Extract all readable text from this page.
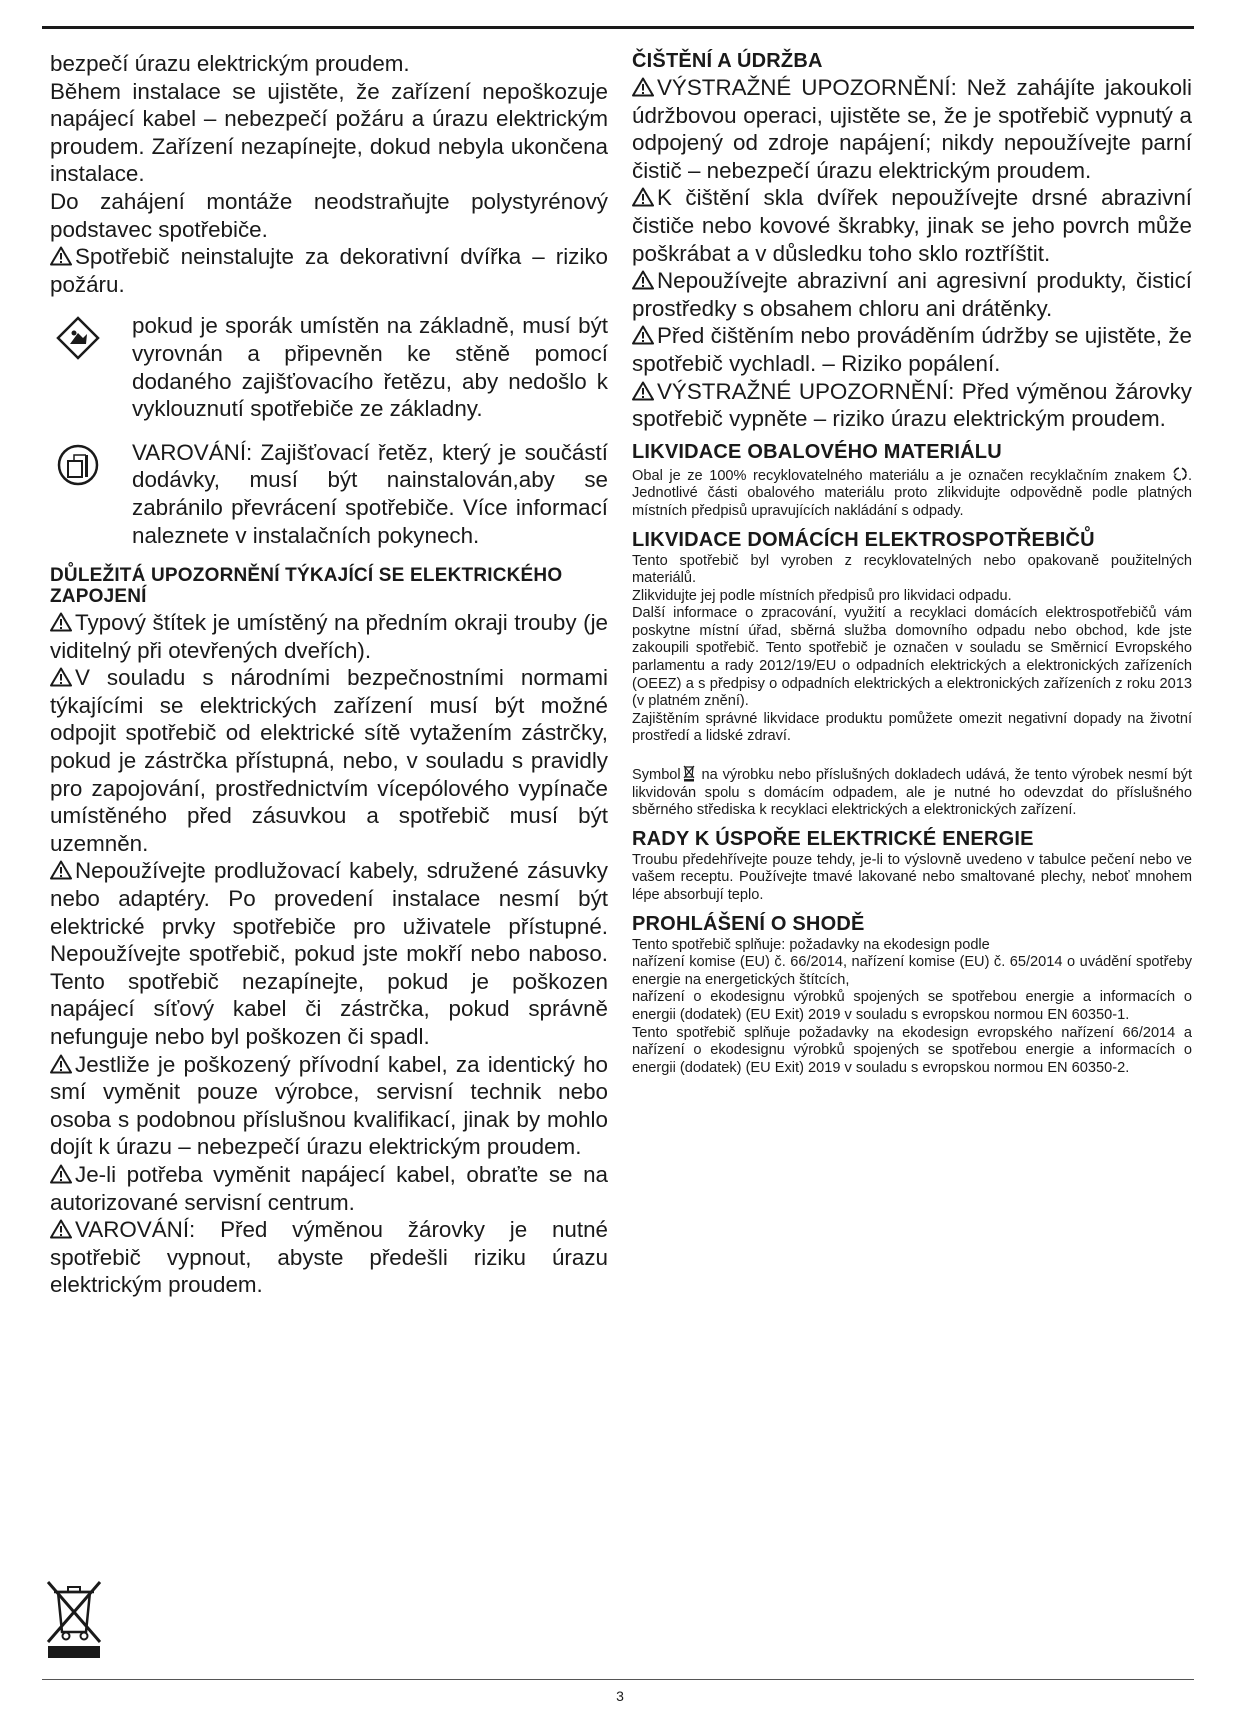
bezpečí úrazu elektrickým proudem.

Během instalace se ujistěte, že zařízení nepoškozuje napájecí kabel – nebezpečí požáru a úrazu elektrickým proudem. Zařízení nezapínejte, dokud nebyla ukončena instalace.

Do zahájení montáže neodstraňujte polystyrénový podstavec spotřebiče.

Spotřebič neinstalujte za dekorativní dvířka – riziko požáru.

pokud je sporák umístěn na základně, musí být vyrovnán a připevněn ke stěně pomocí dodaného zajišťovacího řetězu, aby nedošlo k vyklouznutí spotřebiče ze základny.
VAROVÁNÍ: Zajišťovací řetěz, který je součástí dodávky, musí být nainstalován,aby se zabránilo převrácení spotřebiče. Více informací naleznete v instalačních pokynech.
DŮLEŽITÁ UPOZORNĚNÍ TÝKAJÍCÍ SE ELEKTRICKÉHO ZAPOJENÍ

Typový štítek je umístěný na předním okraji trouby (je viditelný při otevřených dveřích).

V souladu s národními bezpečnostními normami týkajícími se elektrických zařízení musí být možné odpojit spotřebič od elektrické sítě vytažením zástrčky, pokud je zástrčka přístupná, nebo, v souladu s pravidly pro zapojování, prostřednictvím vícepólového vypínače umístěného před zásuvkou a spotřebič musí být uzemněn.

Nepoužívejte prodlužovací kabely, sdružené zásuvky nebo adaptéry. Po provedení instalace nesmí být elektrické prvky spotřebiče pro uživatele přístupné. Nepoužívejte spotřebič, pokud jste mokří nebo naboso. Tento spotřebič nezapínejte, pokud je poškozen napájecí síťový kabel či zástrčka, pokud správně nefunguje nebo byl poškozen či spadl.

Jestliže je poškozený přívodní kabel, za identický ho smí vyměnit pouze výrobce, servisní technik nebo osoba s podobnou příslušnou kvalifikací, jinak by mohlo dojít k úrazu – nebezpečí úrazu elektrickým proudem.

Je-li potřeba vyměnit napájecí kabel, obraťte se na autorizované servisní centrum.

VAROVÁNÍ: Před výměnou žárovky je nutné spotřebič vypnout, abyste předešli riziku úrazu elektrickým proudem.

ČIŠTĚNÍ A ÚDRŽBA

VÝSTRAŽNÉ UPOZORNĚNÍ: Než zahájíte jakoukoli údržbovou operaci, ujistěte se, že je spotřebič vypnutý a odpojený od zdroje napájení; nikdy nepoužívejte parní čistič – nebezpečí úrazu elektrickým proudem.

K čištění skla dvířek nepoužívejte drsné abrazivní čističe nebo kovové škrabky, jinak se jeho povrch může poškrábat a v důsledku toho sklo roztříštit.

Nepoužívejte abrazivní ani agresivní produkty, čisticí prostředky s obsahem chloru ani drátěnky.

Před čištěním nebo prováděním údržby se ujistěte, že spotřebič vychladl. – Riziko popálení.

VÝSTRAŽNÉ UPOZORNĚNÍ: Před výměnou žárovky spotřebič vypněte – riziko úrazu elektrickým proudem.

LIKVIDACE OBALOVÉHO MATERIÁLU

Obal je ze 100% recyklovatelného materiálu a je označen recyklačním znakem . Jednotlivé části obalového materiálu proto zlikvidujte odpovědně podle platných místních předpisů upravujících nakládání s odpady.

LIKVIDACE DOMÁCÍCH ELEKTROSPOTŘEBIČŮ

Tento spotřebič byl vyroben z recyklovatelných nebo opakovaně použitelných materiálů.

Zlikvidujte jej podle místních předpisů pro likvidaci odpadu.

Další informace o zpracování, využití a recyklaci domácích elektrospotřebičů vám poskytne místní úřad, sběrná služba domovního odpadu nebo obchod, kde jste zakoupili spotřebič. Tento spotřebič je označen v souladu se Směrnicí Evropského parlamentu a rady 2012/19/EU o odpadních elektrických a elektronických zařízeních (OEEZ) a s předpisy o odpadních elektrických a elektronických zařízeních z roku 2013 (v platném znění).

Zajištěním správné likvidace produktu pomůžete omezit negativní dopady na životní prostředí a lidské zdraví.

Symbol na výrobku nebo příslušných dokladech udává, že tento výrobek nesmí být likvidován spolu s domácím odpadem, ale je nutné ho odevzdat do příslušného sběrného střediska k recyklaci elektrických a elektronických zařízení.

RADY K ÚSPOŘE ELEKTRICKÉ ENERGIE

Troubu předehřívejte pouze tehdy, je-li to výslovně uvedeno v tabulce pečení nebo ve vašem receptu. Používejte tmavé lakované nebo smaltované plechy, neboť mnohem lépe absorbují teplo.

PROHLÁŠENÍ O SHODĚ

Tento spotřebič splňuje: požadavky na ekodesign podle

nařízení komise (EU) č. 66/2014, nařízení komise (EU) č. 65/2014 o uvádění spotřeby energie na energetických štítcích,

nařízení o ekodesignu výrobků spojených se spotřebou energie a informacích o energii (dodatek) (EU Exit) 2019 v souladu s evropskou normou EN 60350-1.

Tento spotřebič splňuje požadavky na ekodesign evropského nařízení 66/2014 a nařízení o ekodesignu výrobků spojených se spotřebou energie a informacích o energii (dodatek) (EU Exit) 2019 v souladu s evropskou normou EN 60350-2.

3
